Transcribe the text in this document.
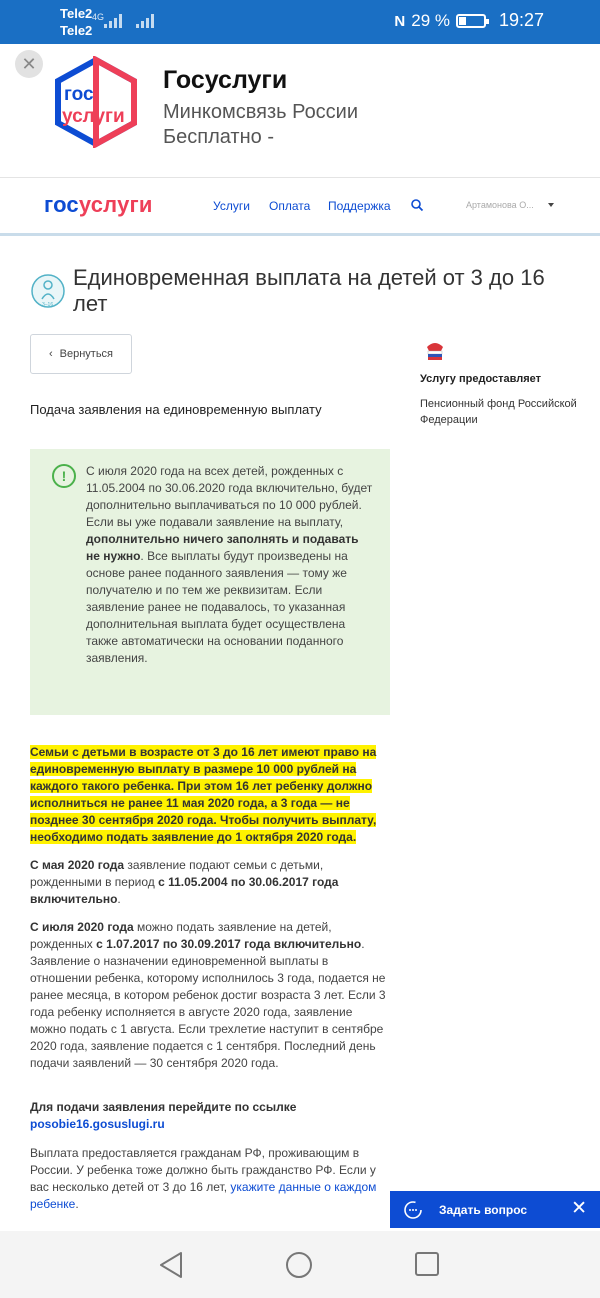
Tele2
Tele2
4G	N 29 %	19:27
✕
гос
услуги
Госуслуги
Минкомсвязь России
Бесплатно -
госуслуги	Услуги Оплата Поддержка	Артамонова О...
3–16
Единовременная выплата на детей от 3 до 16 лет
‹ Вернуться
Подача заявления на единовременную выплату
Услугу предоставляет
Пенсионный фонд Российской Федерации
!	С июля 2020 года на всех детей, рожденных с 11.05.2004 по 30.06.2020 года включительно, будет дополнительно выплачиваться по 10 000 рублей. Если вы уже подавали заявление на выплату, дополнительно ничего заполнять и подавать не нужно. Все выплаты будут произведены на основе ранее поданного заявления — тому же получателю и по тем же реквизитам. Если заявление ранее не подавалось, то указанная дополнительная выплата будет осуществлена также автоматически на основании поданного заявления.
Семьи с детьми в возрасте от 3 до 16 лет имеют право на единовременную выплату в размере 10 000 рублей на каждого такого ребенка. При этом 16 лет ребенку должно исполниться не ранее 11 мая 2020 года, а 3 года — не позднее 30 сентября 2020 года. Чтобы получить выплату, необходимо подать заявление до 1 октября 2020 года.
С мая 2020 года заявление подают семьи с детьми, рожденными в период с 11.05.2004 по 30.06.2017 года включительно.
С июля 2020 года можно подать заявление на детей, рожденных с 1.07.2017 по 30.09.2017 года включительно. Заявление о назначении единовременной выплаты в отношении ребенка, которому исполнилось 3 года, подается не ранее месяца, в котором ребенок достиг возраста 3 лет. Если 3 года ребенку исполняется в августе 2020 года, заявление можно подать с 1 августа. Если трехлетие наступит в сентябре 2020 года, заявление подается с 1 сентября. Последний день подачи заявлений — 30 сентября 2020 года.
Для подачи заявления перейдите по ссылке
posobie16.gosuslugi.ru
Выплата предоставляется гражданам РФ, проживающим в России. У ребенка тоже должно быть гражданство РФ. Если у вас несколько детей от 3 до 16 лет, укажите данные о каждом ребенке.	Задать вопрос ✕
